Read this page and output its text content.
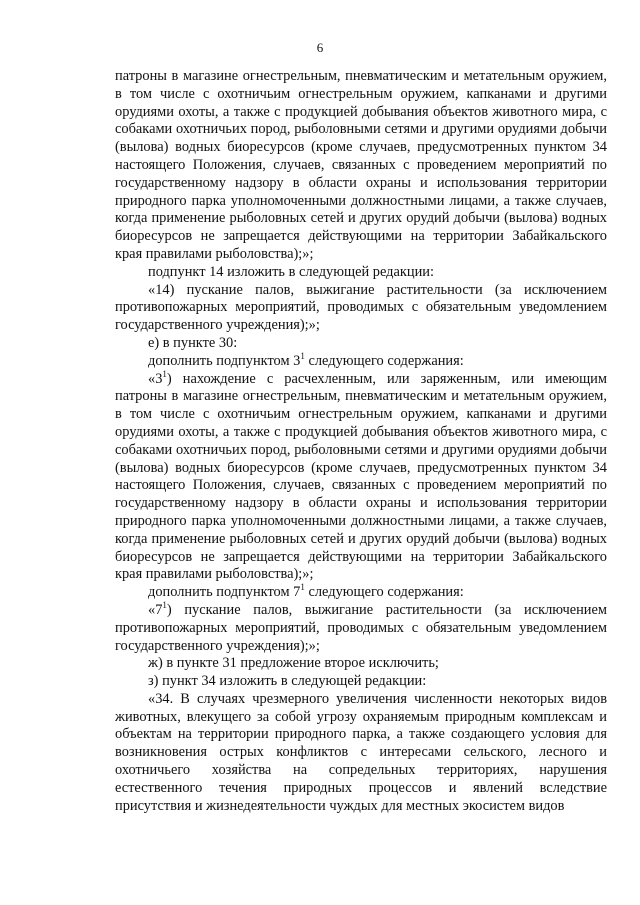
6

патроны в магазине огнестрельным, пневматическим и метательным оружием, в том числе с охотничьим огнестрельным оружием, капканами и другими орудиями охоты, а также с продукцией добывания объектов животного мира, с собаками охотничьих пород, рыболовными сетями и другими орудиями добычи (вылова) водных биоресурсов (кроме случаев, предусмотренных пунктом 34 настоящего Положения, случаев, связанных с проведением мероприятий по государственному надзору в области охраны и использования территории природного парка уполномоченными должностными лицами, а также случаев, когда применение рыболовных сетей и других орудий добычи (вылова) водных биоресурсов не запрещается действующими на территории Забайкальского края правилами рыболовства);»;

подпункт 14 изложить в следующей редакции:

«14) пускание палов, выжигание растительности (за исключением противопожарных мероприятий, проводимых с обязательным уведомлением государственного учреждения);»;

е) в пункте 30:

дополнить подпунктом $3^1$ следующего содержания:

«$3^1$) нахождение с расчехленным, или заряженным, или имеющим патроны в магазине огнестрельным, пневматическим и метательным оружием, в том числе с охотничьим огнестрельным оружием, капканами и другими орудиями охоты, а также с продукцией добывания объектов животного мира, с собаками охотничьих пород, рыболовными сетями и другими орудиями добычи (вылова) водных биоресурсов (кроме случаев, предусмотренных пунктом 34 настоящего Положения, случаев, связанных с проведением мероприятий по государственному надзору в области охраны и использования территории природного парка уполномоченными должностными лицами, а также случаев, когда применение рыболовных сетей и других орудий добычи (вылова) водных биоресурсов не запрещается действующими на территории Забайкальского края правилами рыболовства);»;

дополнить подпунктом $7^1$ следующего содержания:

«$7^1$) пускание палов, выжигание растительности (за исключением противопожарных мероприятий, проводимых с обязательным уведомлением государственного учреждения);»;

ж) в пункте 31 предложение второе исключить;

з) пункт 34 изложить в следующей редакции:

«34. В случаях чрезмерного увеличения численности некоторых видов животных, влекущего за собой угрозу охраняемым природным комплексам и объектам на территории природного парка, а также создающего условия для возникновения острых конфликтов с интересами сельского, лесного и охотничьего хозяйства на сопредельных территориях, нарушения естественного течения природных процессов и явлений вследствие присутствия и жизнедеятельности чуждых для местных экосистем видов
